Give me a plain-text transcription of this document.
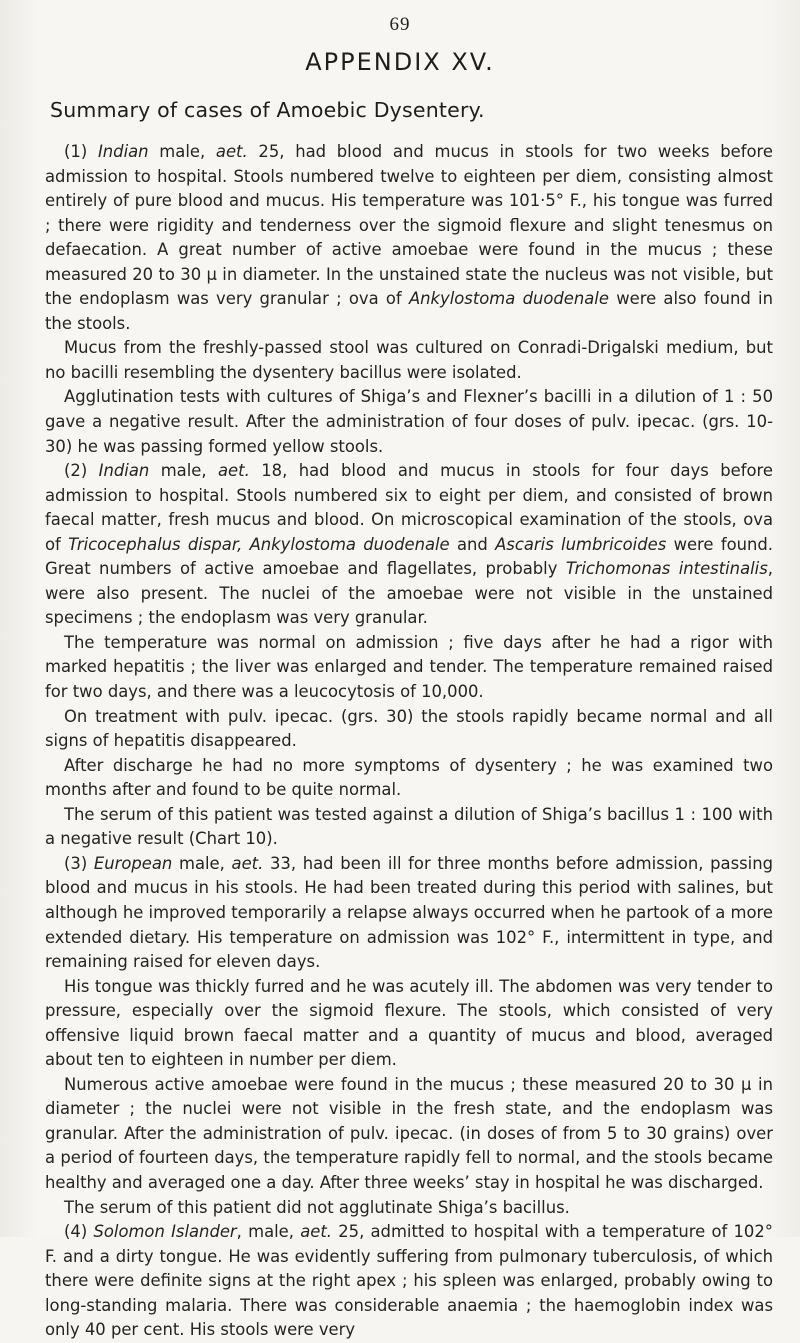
69
APPENDIX XV.
Summary of cases of Amoebic Dysentery.

(1) Indian male, aet. 25, had blood and mucus in stools for two weeks before admission to hospital. Stools numbered twelve to eighteen per diem, consisting almost entirely of pure blood and mucus. His temperature was 101·5° F., his tongue was furred ; there were rigidity and tenderness over the sigmoid flexure and slight tenesmus on defaecation. A great number of active amoebae were found in the mucus ; these measured 20 to 30 µ in diameter. In the unstained state the nucleus was not visible, but the endoplasm was very granular ; ova of Ankylostoma duodenale were also found in the stools.

Mucus from the freshly-passed stool was cultured on Conradi-Drigalski medium, but no bacilli resembling the dysentery bacillus were isolated.

Agglutination tests with cultures of Shiga’s and Flexner’s bacilli in a dilution of 1 : 50 gave a negative result. After the administration of four doses of pulv. ipecac. (grs. 10-30) he was passing formed yellow stools.

(2) Indian male, aet. 18, had blood and mucus in stools for four days before admission to hospital. Stools numbered six to eight per diem, and consisted of brown faecal matter, fresh mucus and blood. On microscopical examination of the stools, ova of Tricocephalus dispar, Ankylostoma duodenale and Ascaris lumbricoides were found. Great numbers of active amoebae and flagellates, probably Trichomonas intestinalis, were also present. The nuclei of the amoebae were not visible in the unstained specimens ; the endoplasm was very granular.

The temperature was normal on admission ; five days after he had a rigor with marked hepatitis ; the liver was enlarged and tender. The temperature remained raised for two days, and there was a leucocytosis of 10,000.

On treatment with pulv. ipecac. (grs. 30) the stools rapidly became normal and all signs of hepatitis disappeared.

After discharge he had no more symptoms of dysentery ; he was examined two months after and found to be quite normal.

The serum of this patient was tested against a dilution of Shiga’s bacillus 1 : 100 with a negative result (Chart 10).

(3) European male, aet. 33, had been ill for three months before admission, passing blood and mucus in his stools. He had been treated during this period with salines, but although he improved temporarily a relapse always occurred when he partook of a more extended dietary. His temperature on admission was 102° F., intermittent in type, and remaining raised for eleven days.

His tongue was thickly furred and he was acutely ill. The abdomen was very tender to pressure, especially over the sigmoid flexure. The stools, which consisted of very offensive liquid brown faecal matter and a quantity of mucus and blood, averaged about ten to eighteen in number per diem.

Numerous active amoebae were found in the mucus ; these measured 20 to 30 µ in diameter ; the nuclei were not visible in the fresh state, and the endoplasm was granular. After the administration of pulv. ipecac. (in doses of from 5 to 30 grains) over a period of fourteen days, the temperature rapidly fell to normal, and the stools became healthy and averaged one a day. After three weeks’ stay in hospital he was discharged.

The serum of this patient did not agglutinate Shiga’s bacillus.

(4) Solomon Islander, male, aet. 25, admitted to hospital with a temperature of 102° F. and a dirty tongue. He was evidently suffering from pulmonary tuberculosis, of which there were definite signs at the right apex ; his spleen was enlarged, probably owing to long-standing malaria. There was considerable anaemia ; the haemoglobin index was only 40 per cent. His stools were very
